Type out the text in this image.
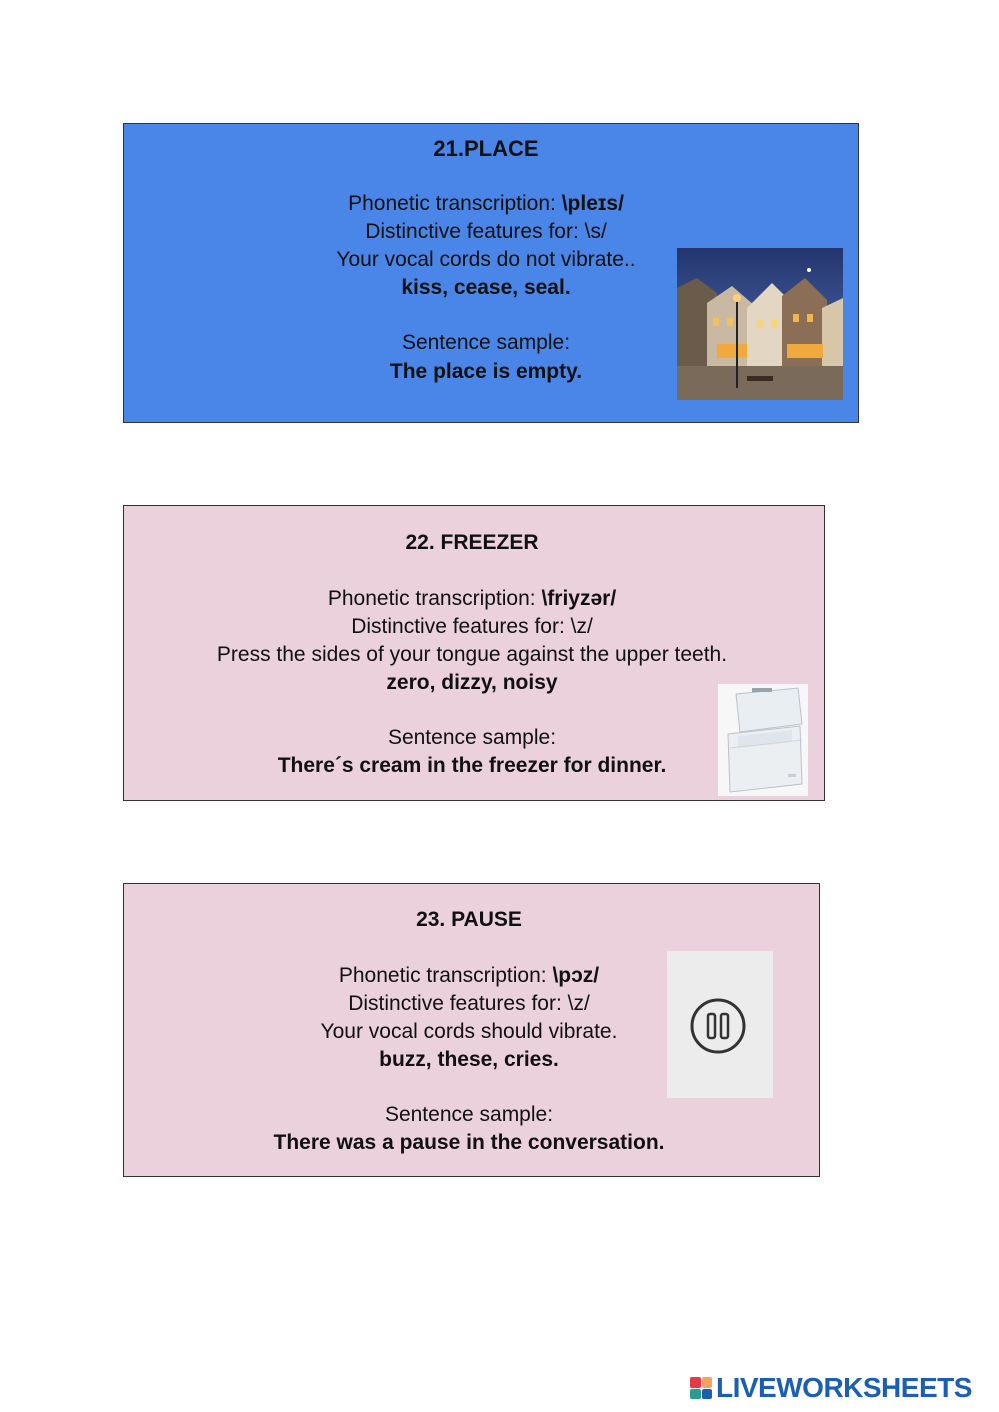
21.PLACE
Phonetic transcription: \pleɪs/
Distinctive features for: \s/
Your vocal cords do not vibrate..
kiss, cease, seal.
Sentence sample:
The place is empty.
22. FREEZER
Phonetic transcription: \friyzər/
Distinctive features for: \z/
Press the sides of your tongue against the upper teeth.
zero, dizzy, noisy
Sentence sample:
There´s cream in the freezer for dinner.
23. PAUSE
Phonetic transcription: \pɔz/
Distinctive features for: \z/
Your vocal cords should vibrate.
buzz, these, cries.
Sentence sample:
There was a pause in the conversation.
LIVEWORKSHEETS
